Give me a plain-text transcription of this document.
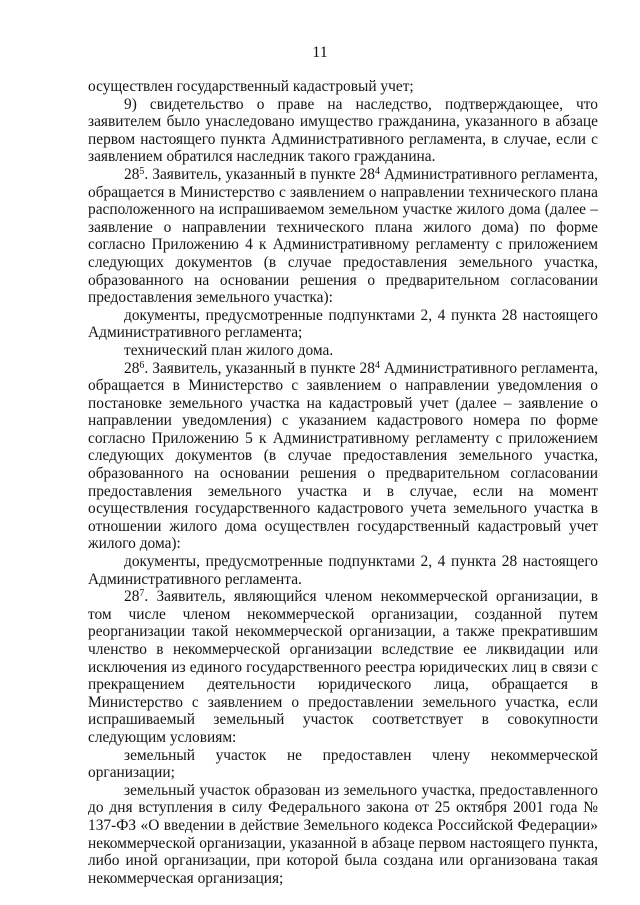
11

осуществлен государственный кадастровый учет;

9) свидетельство о праве на наследство, подтверждающее, что заявителем было унаследовано имущество гражданина, указанного в абзаце первом настоящего пункта Административного регламента, в случае, если с заявлением обратился наследник такого гражданина.

$28^5$. Заявитель, указанный в пункте $28^4$ Административного регламента, обращается в Министерство с заявлением о направлении технического плана расположенного на испрашиваемом земельном участке жилого дома (далее – заявление о направлении технического плана жилого дома) по форме согласно Приложению 4 к Административному регламенту с приложением следующих документов (в случае предоставления земельного участка, образованного на основании решения о предварительном согласовании предоставления земельного участка):

документы, предусмотренные подпунктами 2, 4 пункта 28 настоящего Административного регламента;

технический план жилого дома.

$28^6$. Заявитель, указанный в пункте $28^4$ Административного регламента, обращается в Министерство с заявлением о направлении уведомления о постановке земельного участка на кадастровый учет (далее – заявление о направлении уведомления) с указанием кадастрового номера по форме согласно Приложению 5 к Административному регламенту с приложением следующих документов (в случае предоставления земельного участка, образованного на основании решения о предварительном согласовании предоставления земельного участка и в случае, если на момент осуществления государственного кадастрового учета земельного участка в отношении жилого дома осуществлен государственный кадастровый учет жилого дома):

документы, предусмотренные подпунктами 2, 4 пункта 28 настоящего Административного регламента.

$28^7$. Заявитель, являющийся членом некоммерческой организации, в том числе членом некоммерческой организации, созданной путем реорганизации такой некоммерческой организации, а также прекратившим членство в некоммерческой организации вследствие ее ликвидации или исключения из единого государственного реестра юридических лиц в связи с прекращением деятельности юридического лица, обращается в Министерство с заявлением о предоставлении земельного участка, если испрашиваемый земельный участок соответствует в совокупности следующим условиям:

земельный участок не предоставлен члену некоммерческой организации;

земельный участок образован из земельного участка, предоставленного до дня вступления в силу Федерального закона от 25 октября 2001 года № 137-ФЗ «О введении в действие Земельного кодекса Российской Федерации» некоммерческой организации, указанной в абзаце первом настоящего пункта, либо иной организации, при которой была создана или организована такая некоммерческая организация;
